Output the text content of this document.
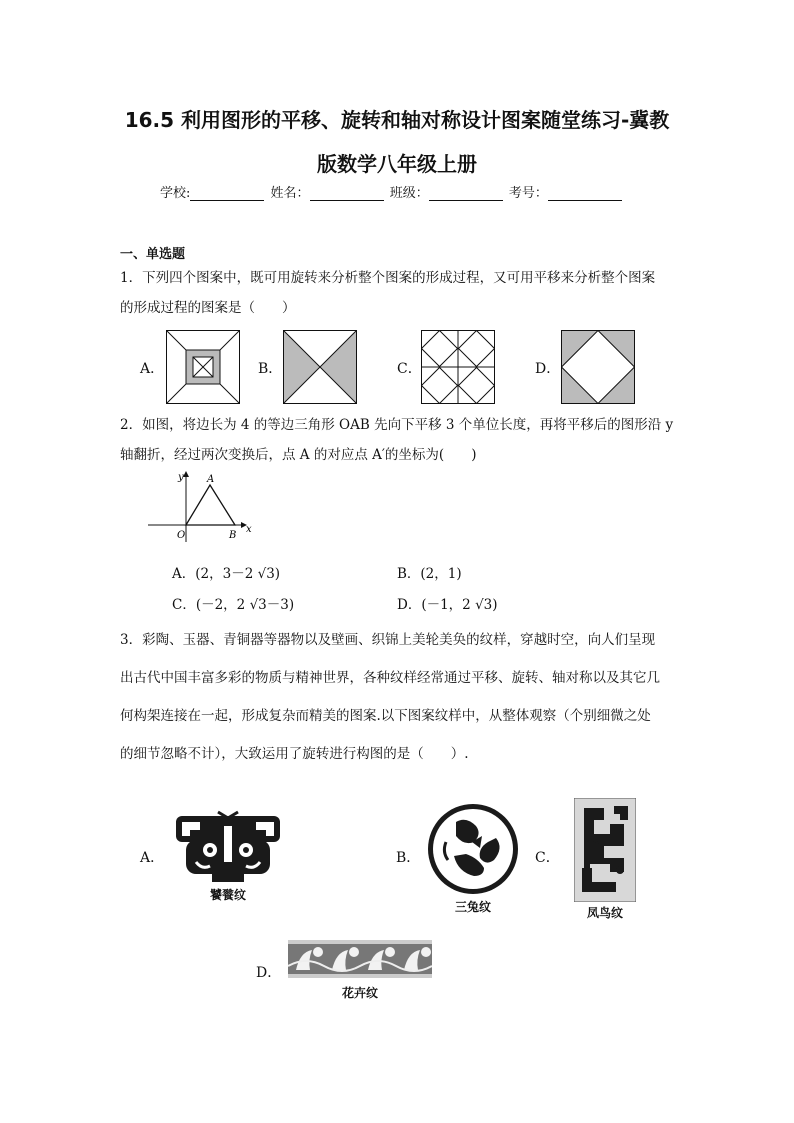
16.5 利用图形的平移、旋转和轴对称设计图案随堂练习-冀教
版数学八年级上册
学校:	姓名：	班级：	考号：
一、单选题
1．下列四个图案中，既可用旋转来分析整个图案的形成过程，又可用平移来分析整个图案
的形成过程的图案是（　　）
A．	B．	C．	D．
2．如图，将边长为 4 的等边三角形 OAB 先向下平移 3 个单位长度，再将平移后的图形沿 y
轴翻折，经过两次变换后，点 A 的对应点 A′的坐标为(　　)
y
x
A
O	B
A．(2，3－2 √3)	B．(2，1)
C．(－2，2 √3－3)	D．(－1，2 √3)
3．彩陶、玉器、青铜器等器物以及壁画、织锦上美轮美奂的纹样，穿越时空，向人们呈现
出古代中国丰富多彩的物质与精神世界，各种纹样经常通过平移、旋转、轴对称以及其它几
何构架连接在一起，形成复杂而精美的图案.以下图案纹样中，从整体观察（个别细微之处
的细节忽略不计），大致运用了旋转进行构图的是（　　）.
A．
饕餮纹
B．
三兔纹
C．
凤鸟纹
D．
花卉纹
